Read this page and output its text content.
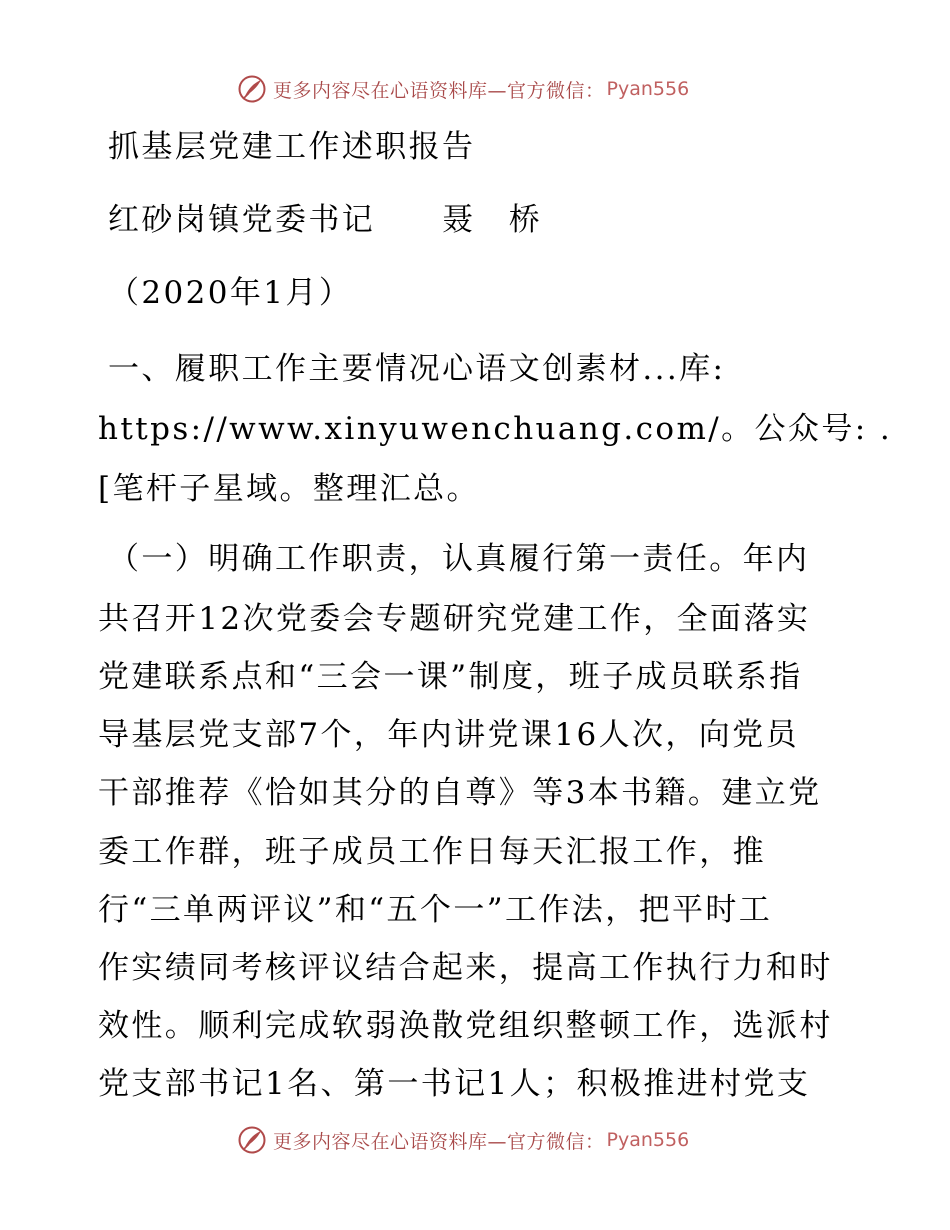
更多内容尽在心语资料库—官方微信： Pyan556
抓基层党建工作述职报告
红砂岗镇党委书记　　聂　桥
（2020年1月）
一、履职工作主要情况心语文创素材...库:
https://www.xinyuwenchuang.com/。公众号: .
[笔杆子星域。整理汇总。
（一）明确工作职责，认真履行第一责任。年内
共召开12次党委会专题研究党建工作，全面落实
党建联系点和“三会一课”制度，班子成员联系指
导基层党支部7个，年内讲党课16人次，向党员
干部推荐《恰如其分的自尊》等3本书籍。建立党
委工作群，班子成员工作日每天汇报工作，推
行“三单两评议”和“五个一”工作法，把平时工
作实绩同考核评议结合起来，提高工作执行力和时
效性。顺利完成软弱涣散党组织整顿工作，选派村
党支部书记1名、第一书记1人；积极推进村党支
更多内容尽在心语资料库—官方微信： Pyan556
